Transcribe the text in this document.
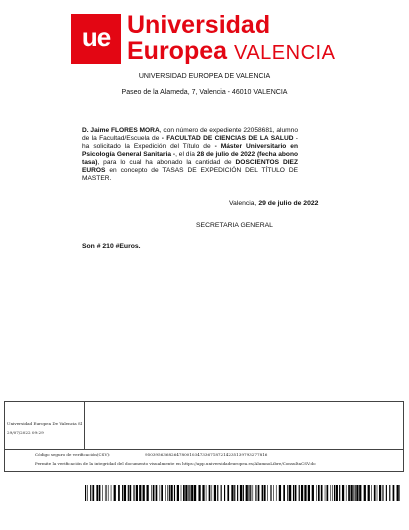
ue Universidad
Europea VALENCIA
UNIVERSIDAD EUROPEA DE VALENCIA
Paseo de la Alameda, 7, Valencia - 46010 VALENCIA
D. Jaime FLORES MORA, con número de expediente 22058681, alumno de la Facultad/Escuela de - FACULTAD DE CIENCIAS DE LA SALUD - ha solicitado la Expedición del Título de - Máster Universitario en Psicología General Sanitaria -, el día 28 de julio de 2022 (fecha abono tasa), para lo cual ha abonado la cantidad de DOSCIENTOS DIEZ EUROS en concepto de TASAS DE EXPEDICIÓN DEL TÍTULO DE MASTER.
Valencia, 29 de julio de 2022
SECRETARIA GENERAL
Son # 210 #Euros.
Universidad Europea De Valencia Sl
29/07/2022 09:29
Código seguro de verificación(CSV):	95039563682647800103473367187214235139793277816
Permite la verificación de la integridad del documento visualmente en https://app.universidadeuropea.es/AlumnoLibre/ConsultaCSV.do
